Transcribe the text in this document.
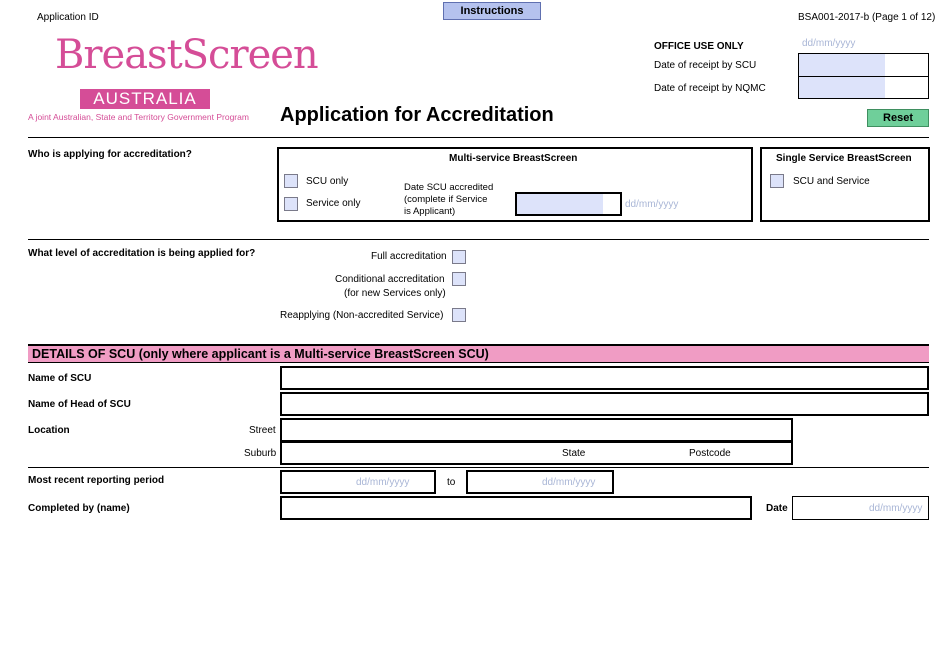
Application ID
Instructions
BSA001-2017-b (Page 1 of 12)
BreastScreen
AUSTRALIA
A joint Australian, State and Territory Government Program Application for Accreditation
OFFICE USE ONLY	dd/mm/yyyy
Date of receipt by SCU
Date of receipt by NQMC
Reset
Who is applying for accreditation?	Multi-service BreastScreen
SCU only
Service only
Date SCU accredited
(complete if Service
is Applicant)
dd/mm/yyyy
Single Service BreastScreen
SCU and Service
What level of accreditation is being applied for?	Full accreditation
Conditional accreditation
(for new Services only)
Reapplying (Non-accredited Service)
DETAILS OF SCU (only where applicant is a Multi-service BreastScreen SCU)
Name of SCU
Name of Head of SCU
Location	Street
Suburb	State	Postcode
Most recent reporting period	dd/mm/yyyy	to	dd/mm/yyyy
Completed by (name)	Date	dd/mm/yyyy
